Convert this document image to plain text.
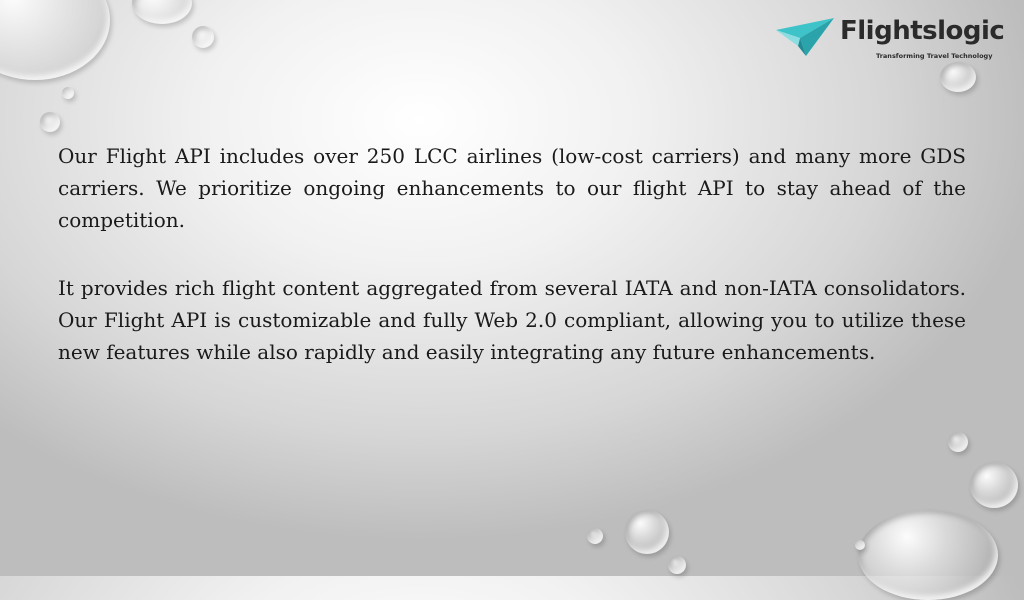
Flightslogic
Transforming Travel Technology

Our Flight API includes over 250 LCC airlines (low-cost carriers) and many more GDS carriers. We prioritize ongoing enhancements to our flight API to stay ahead of the competition.

It provides rich flight content aggregated from several IATA and non-IATA consolidators. Our Flight API is customizable and fully Web 2.0 compliant, allowing you to utilize these new features while also rapidly and easily integrating any future enhancements.
